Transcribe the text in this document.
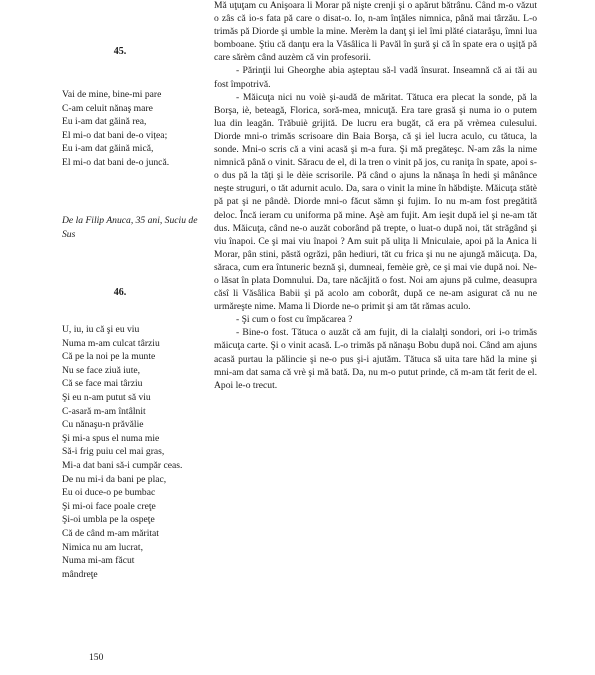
45.
Vai de mine, bine-mi pare
C-am celuit nănaş mare
Eu i-am dat găină rea,
El mi-o dat bani de-o vițea;
Eu i-am dat găină mică,
El mi-o dat bani de-o juncă.
De la Filip Anuca, 35 ani, Suciu de Sus
46.
U, iu, iu că şi eu viu
Numa m-am culcat târziu
Că pe la noi pe la munte
Nu se face ziuă iute,
Că se face mai târziu
Şi eu n-am putut să viu
C-asară m-am întâlnit
Cu nănaşu-n prăvălie
Şi mi-a spus el numa mie
Să-i frig puiu cel mai gras,
Mi-a dat bani să-i cumpăr ceas.
De nu mi-i da bani pe plac,
Eu oi duce-o pe bumbac
Şi mi-oi face poale creţe
Şi-oi umbla pe la ospeţe
Că de când m-am măritat
Nimica nu am lucrat,
Numa mi-am făcut mândreţe

Mă uţuţam cu Anişoara li Morar pă nişte crenji şi o apărut bătrânu. Când m-o văzut o zâs că io-s fata pă care o disat-o. Io, n-am înţăles nimnica, până mai târzău. L-o trimăs pă Diorde şi umble la mine. Merèm la danţ şi iel îmi plăté ciataråşu, îmni lua bomboane. Ştiu că danţu era la Văsâlica li Pavăl în şură şi că în spate era o uşiţă pă care sărèm când auzèm că vin profesorii.

- Părinţii lui Gheorghe abia aşteptau să-l vadă însurat. Inseamnă că ai tăi au fost împotrivă.

- Măicuţa nici nu voiè şi-audă de măritat. Tătuca era plecat la sonde, pă la Borşa, iè, beteagă, Florica, soră-mea, mnicuţă. Era tare grasă şi numa io o putem lua din leagăn. Trăbuiè grijită. De lucru era bugăt, că era pă vrèmea culesului. Diorde mni-o trimăs scrisoare din Baia Borşa, că şi iel lucra aculo, cu tătuca, la sonde. Mni-o scris că a vini acasă şi m-a fura. Şi mă pregăteşc. N-am zâs la nime nimnică până o vinit. Săracu de el, di la tren o vinit pă jos, cu raniţa în spate, apoi s-o dus pă la tăţi şi le dèie scrisorile. Pă când o ajuns la nănaşa în hedi şi mânânce neşte struguri, o tăt adurnit aculo. Da, sara o vinit la mine în hăbdişte. Măicuţa stătè pă pat şi ne pândè. Diorde mni-o făcut sămn şi fujim. Io nu m-am fost pregătită deloc. Încă ieram cu uniforma pă mine. Aşè am fujit. Am ieşit după iel şi ne-am tăt dus. Măicuţa, când ne-o auzăt coborând pă trepte, o luat-o după noi, tăt străgând şi viu înapoi. Ce şi mai viu înapoi ? Am suit pă uliţa li Mniculaie, apoi pă la Anica li Morar, pân stini, păstă ogrăzi, pân hediuri, tăt cu frica şi nu ne ajungă măicuţa. Da, săraca, cum era întuneric beznă şi, dumneai, femèie grè, ce şi mai vie după noi. Ne-o lăsat în plata Domnului. Da, tare năcăjită o fost. Noi am ajuns pă culme, deasupra căsî li Văsâlica Babii şi pă acolo am coborât, după ce ne-am asigurat că nu ne urmăreşte nime. Mama li Diorde ne-o primit şi am tăt rămas aculo.

- Şi cum o fost cu împăcarea ?

- Bine-o fost. Tătuca o auzăt că am fujit, di la cialalţi sondori, ori i-o trimăs măicuţa carte. Şi o vinit acasă. L-o trimăs pă nănaşu Bobu după noi. Când am ajuns acasă purtau la pălincie şi ne-o pus şi-i ajutăm. Tătuca să uita tare hăd la mine şi mni-am dat sama că vrè şi mă bată. Da, nu m-o putut prinde, că m-am tăt ferit de el. Apoi le-o trecut.

150
